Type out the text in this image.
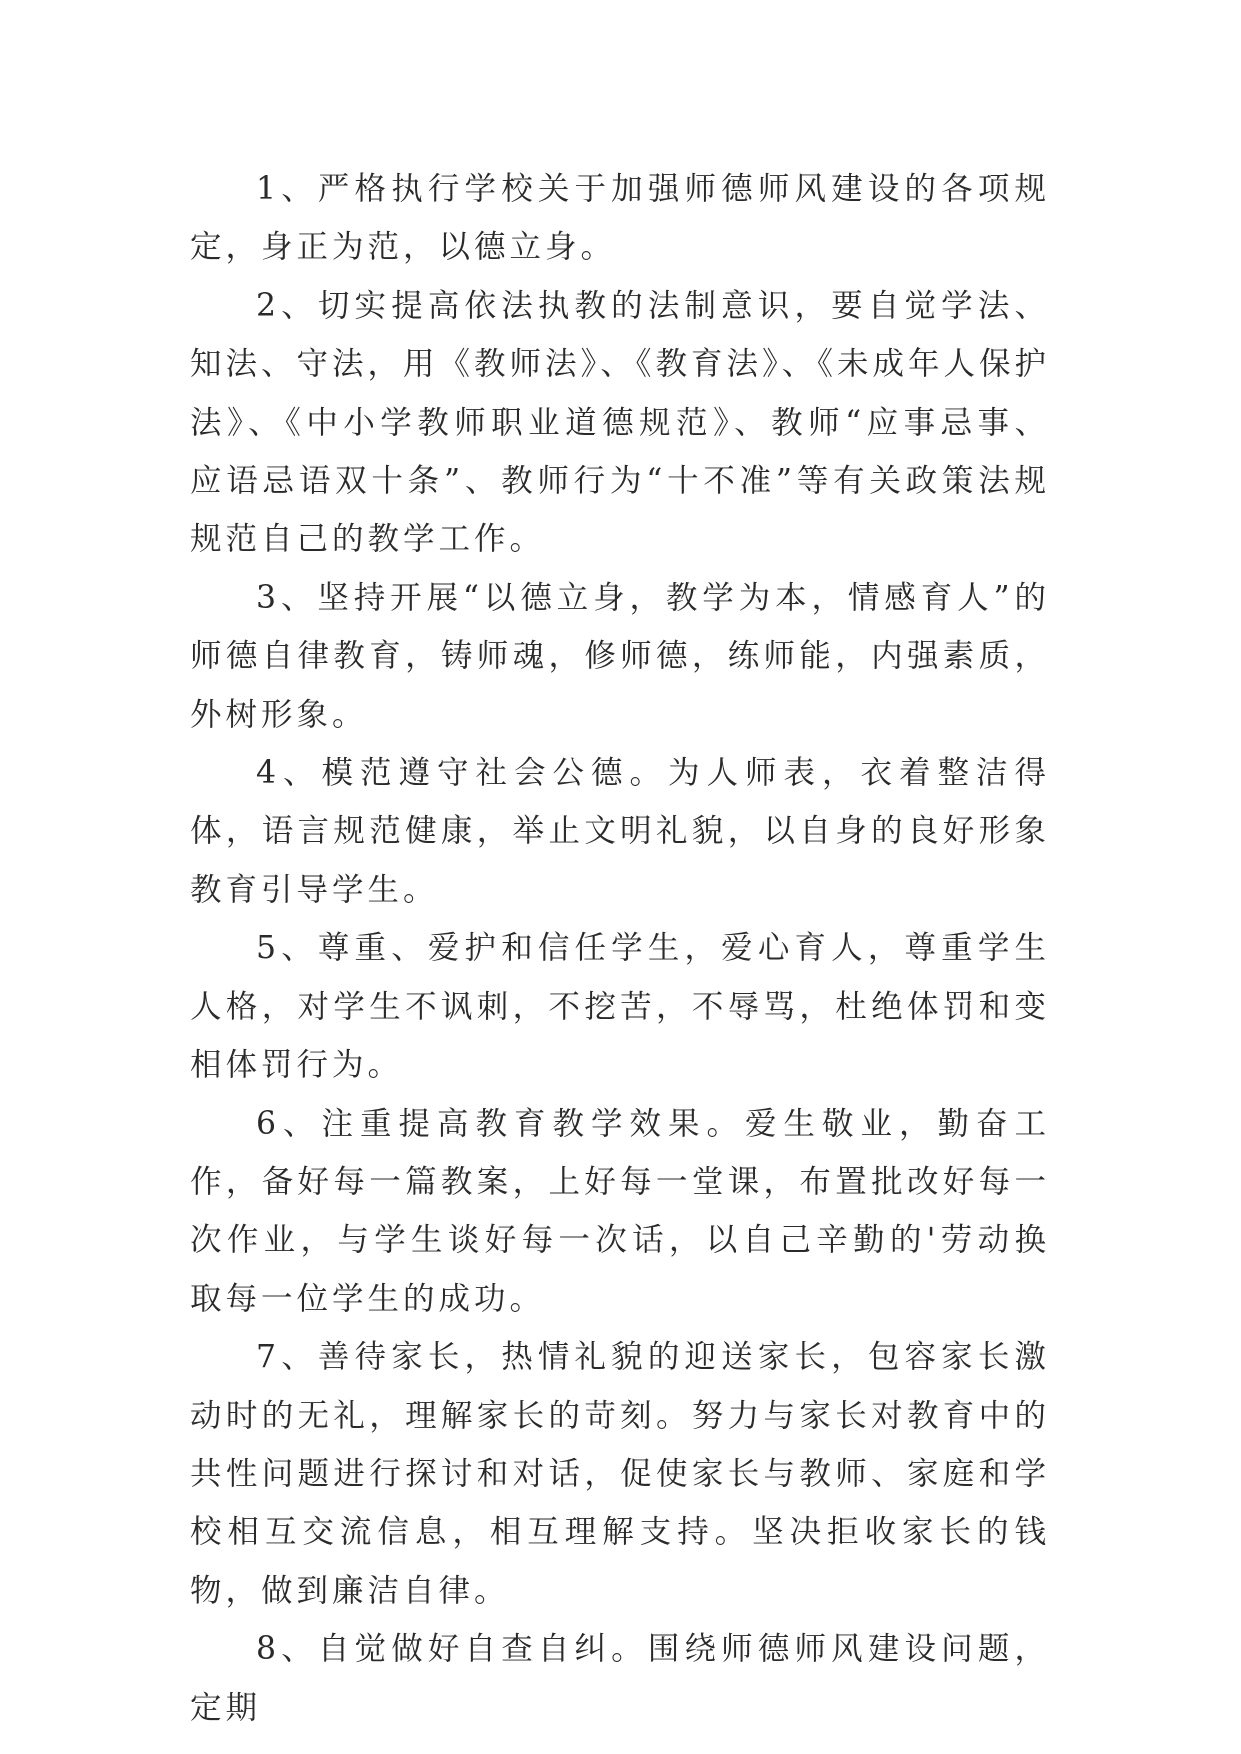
1、严格执行学校关于加强师德师风建设的各项规定，身正为范，以德立身。

2、切实提高依法执教的法制意识，要自觉学法、知法、守法，用《教师法》、《教育法》、《未成年人保护法》、《中小学教师职业道德规范》、教师“应事忌事、应语忌语双十条”、教师行为“十不准”等有关政策法规规范自己的教学工作。

3、坚持开展“以德立身，教学为本，情感育人”的师德自律教育，铸师魂，修师德，练师能，内强素质，外树形象。

4、模范遵守社会公德。为人师表，衣着整洁得体，语言规范健康，举止文明礼貌，以自身的良好形象教育引导学生。

5、尊重、爱护和信任学生，爱心育人，尊重学生人格，对学生不讽刺，不挖苦，不辱骂，杜绝体罚和变相体罚行为。

6、注重提高教育教学效果。爱生敬业，勤奋工作，备好每一篇教案，上好每一堂课，布置批改好每一次作业，与学生谈好每一次话，以自己辛勤的'劳动换取每一位学生的成功。

7、善待家长，热情礼貌的迎送家长，包容家长激动时的无礼，理解家长的苛刻。努力与家长对教育中的共性问题进行探讨和对话，促使家长与教师、家庭和学校相互交流信息，相互理解支持。坚决拒收家长的钱物，做到廉洁自律。

8、自觉做好自查自纠。围绕师德师风建设问题，定期
